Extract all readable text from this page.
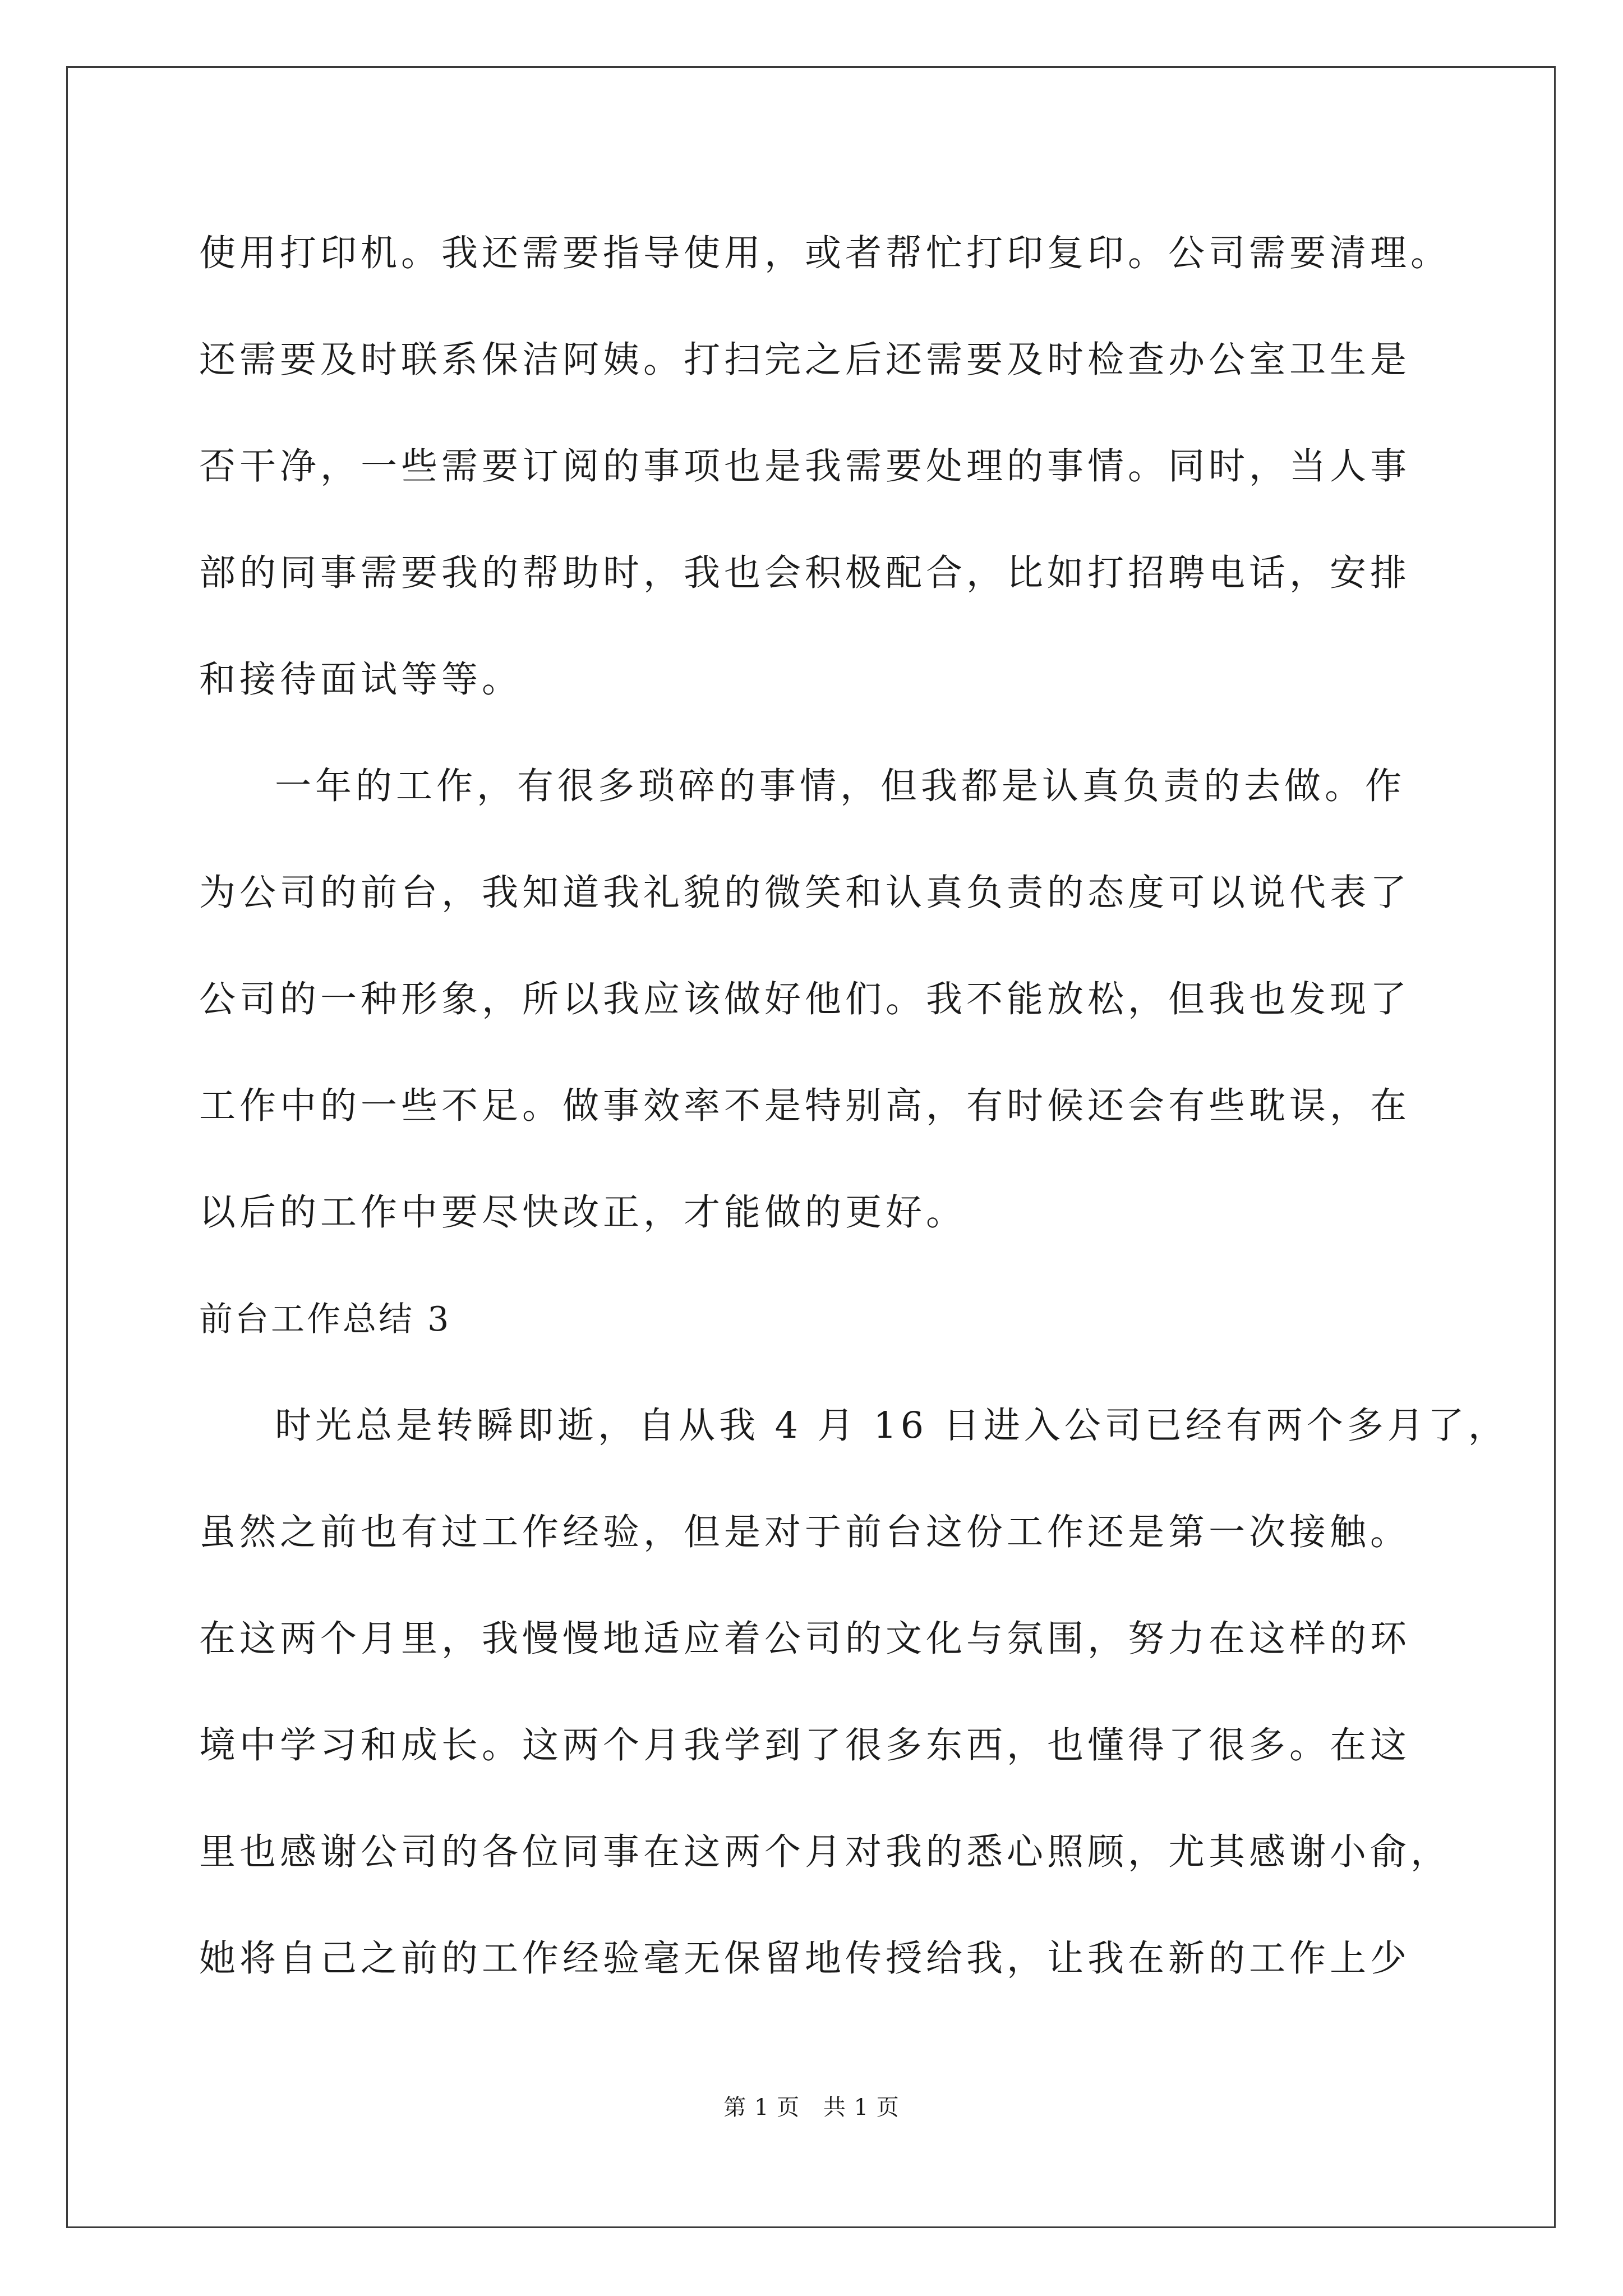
使用打印机。我还需要指导使用，或者帮忙打印复印。公司需要清理。

还需要及时联系保洁阿姨。打扫完之后还需要及时检查办公室卫生是

否干净，一些需要订阅的事项也是我需要处理的事情。同时，当人事

部的同事需要我的帮助时，我也会积极配合，比如打招聘电话，安排

和接待面试等等。

一年的工作，有很多琐碎的事情，但我都是认真负责的去做。作

为公司的前台，我知道我礼貌的微笑和认真负责的态度可以说代表了

公司的一种形象，所以我应该做好他们。我不能放松，但我也发现了

工作中的一些不足。做事效率不是特别高，有时候还会有些耽误，在

以后的工作中要尽快改正，才能做的更好。

前台工作总结 3

时光总是转瞬即逝，自从我 4 月 16 日进入公司已经有两个多月了，

虽然之前也有过工作经验，但是对于前台这份工作还是第一次接触。

在这两个月里，我慢慢地适应着公司的文化与氛围，努力在这样的环

境中学习和成长。这两个月我学到了很多东西，也懂得了很多。在这

里也感谢公司的各位同事在这两个月对我的悉心照顾，尤其感谢小俞，

她将自己之前的工作经验毫无保留地传授给我，让我在新的工作上少

第 1 页 共 1 页
